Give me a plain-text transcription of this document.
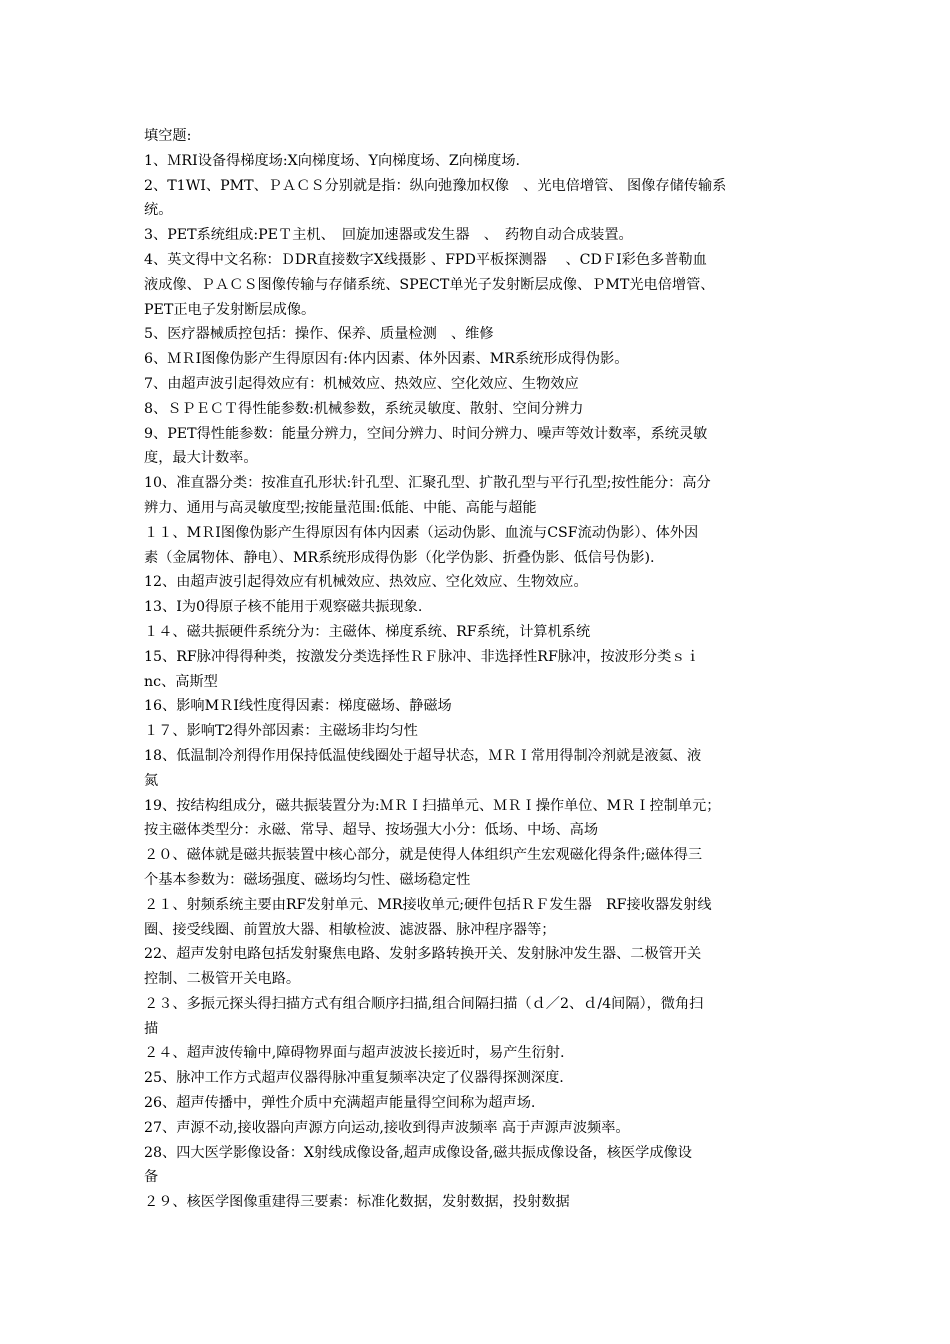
填空题:
1、ＭRI设备得梯度场:X向梯度场、Y向梯度场、Z向梯度场.
2、T1WI、PMT、ＰＡＣＳ分别就是指：纵向弛豫加权像　、光电倍增管、 图像存储传输系
统。
3、PET系统组成:PEＴ主机、　回旋加速器或发生器　、　药物自动合成装置。
4、英文得中文名称：ＤDR直接数字X线摄影 、FPD平板探测器　 、CDＦI彩色多普勒血
液成像、ＰＡＣＳ图像传输与存储系统、SPECT单光子发射断层成像、ＰMT光电倍增管、
PET正电子发射断层成像。
5、医疗器械质控包括：操作、保养、质量检测　、维修
6、ＭＲI图像伪影产生得原因有:体内因素、体外因素、MR系统形成得伪影。
7、由超声波引起得效应有：机械效应、热效应、空化效应、生物效应
8、ＳＰＥＣＴ得性能参数:机械参数，系统灵敏度、散射、空间分辨力
9、PET得性能参数：能量分辨力，空间分辨力、时间分辨力、噪声等效计数率，系统灵敏
度，最大计数率。
10、准直器分类：按准直孔形状:针孔型、汇聚孔型、扩散孔型与平行孔型;按性能分：高分
辨力、通用与高灵敏度型;按能量范围:低能、中能、高能与超能
１１、MＲI图像伪影产生得原因有体内因素（运动伪影、血流与CSF流动伪影）、体外因
素（金属物体、静电）、MR系统形成得伪影（化学伪影、折叠伪影、低信号伪影).
12、由超声波引起得效应有机械效应、热效应、空化效应、生物效应。
13、I为0得原子核不能用于观察磁共振现象.
１４、磁共振硬件系统分为：主磁体、梯度系统、RF系统，计算机系统
15、RF脉冲得得种类，按激发分类选择性ＲＦ脉冲、非选择性RF脉冲，按波形分类ｓｉ
nc、高斯型
16、影响MＲI线性度得因素：梯度磁场、静磁场
１７、影响T2得外部因素：主磁场非均匀性
18、低温制冷剂得作用保持低温使线圈处于超导状态，ＭＲＩ常用得制冷剂就是液氦、液
氮
19、按结构组成分，磁共振装置分为:ＭＲＩ扫描单元、ＭＲＩ操作单位、MＲＩ控制单元；
按主磁体类型分：永磁、常导、超导、按场强大小分：低场、中场、高场
２０、磁体就是磁共振装置中核心部分，就是使得人体组织产生宏观磁化得条件;磁体得三
个基本参数为：磁场强度、磁场均匀性、磁场稳定性
２１、射频系统主要由RF发射单元、MR接收单元;硬件包括ＲＦ发生器　RF接收器发射线
圈、接受线圈、前置放大器、相敏检波、滤波器、脉冲程序器等；
22、超声发射电路包括发射聚焦电路、发射多路转换开关、发射脉冲发生器、二极管开关
控制、二极管开关电路。
２３、多振元探头得扫描方式有组合顺序扫描,组合间隔扫描（ｄ／2、ｄ/4间隔），微角扫
描
２４、超声波传输中,障碍物界面与超声波波长接近时，易产生衍射.
25、脉冲工作方式超声仪器得脉冲重复频率决定了仪器得探测深度.
26、超声传播中，弹性介质中充满超声能量得空间称为超声场.
27、声源不动,接收器向声源方向运动,接收到得声波频率 高于声源声波频率。
28、四大医学影像设备：X射线成像设备,超声成像设备,磁共振成像设备，核医学成像设
备
２９、核医学图像重建得三要素：标准化数据，发射数据，投射数据
